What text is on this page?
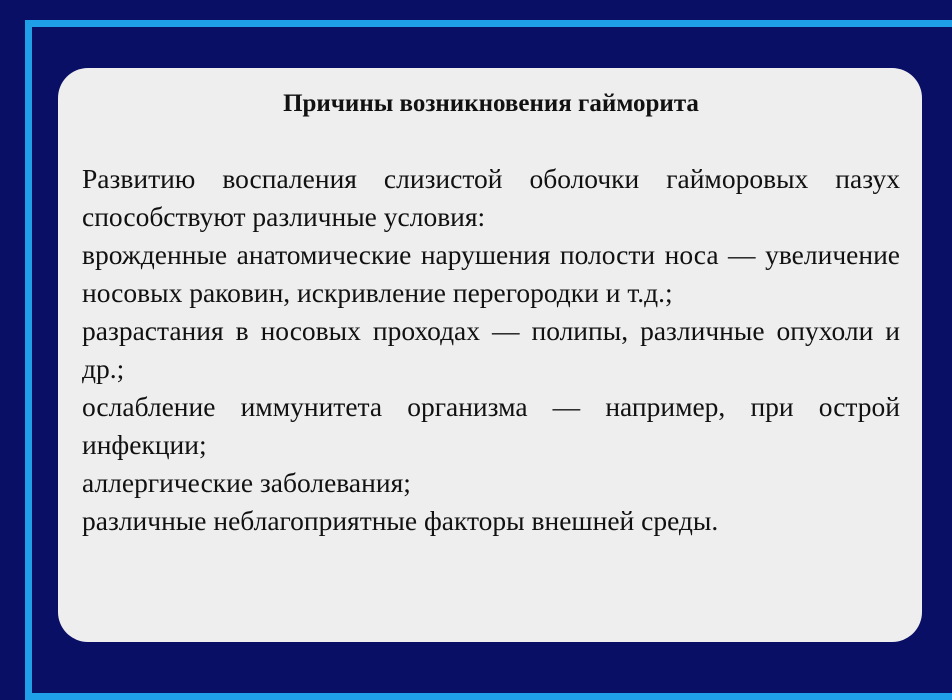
Причины возникновения гайморита

Развитию воспаления слизистой оболочки гайморовых пазух способствуют различные условия:

врожденные анатомические нарушения полости носа — увеличение носовых раковин, искривление перегородки и т.д.;

разрастания в носовых проходах — полипы, различные опухоли и др.;

ослабление иммунитета организма — например, при острой инфекции;

аллергические заболевания;

различные неблагоприятные факторы внешней среды.
